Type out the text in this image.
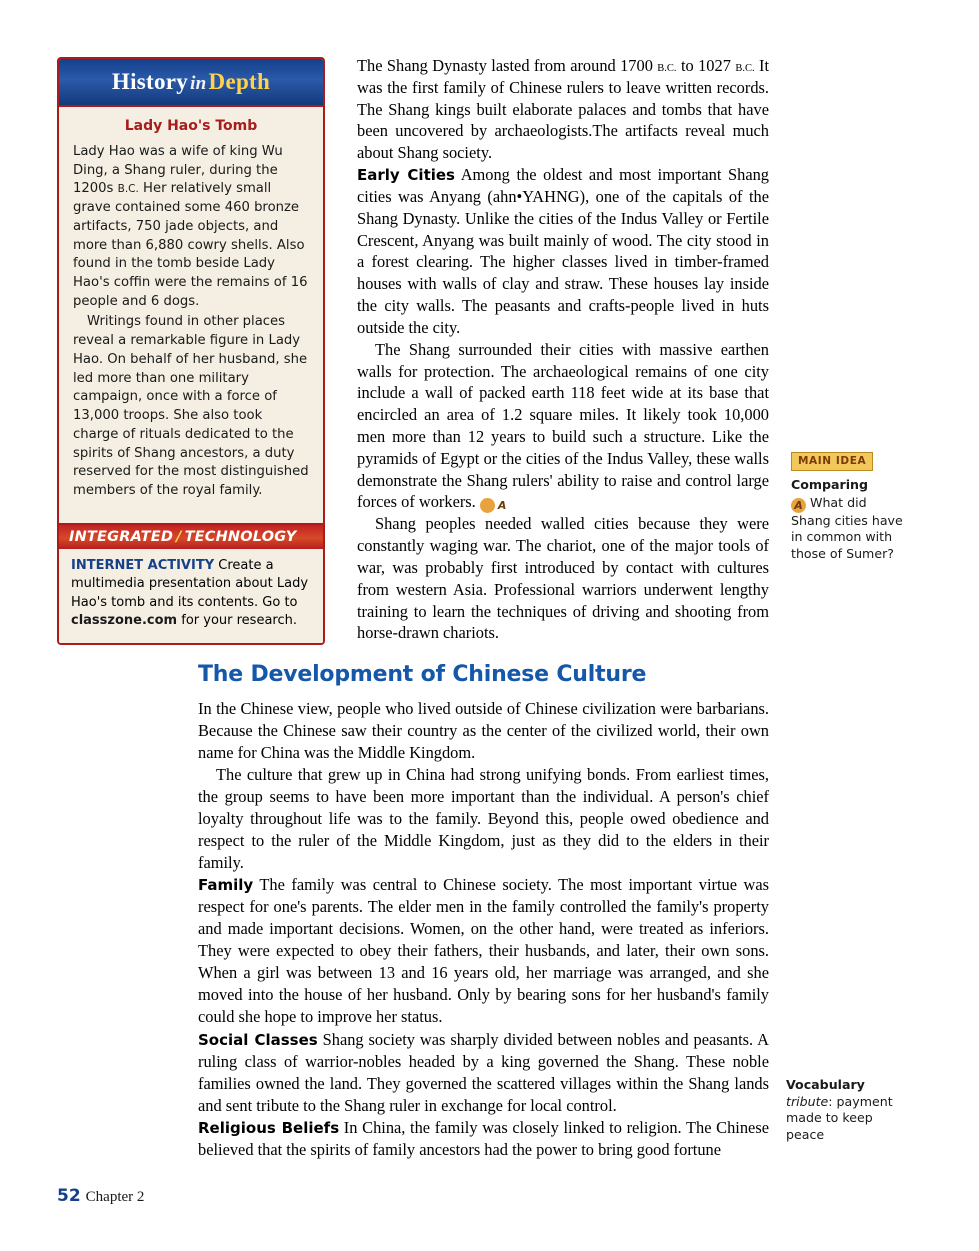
History inDepth
Lady Hao's Tomb

Lady Hao was a wife of king Wu Ding, a Shang ruler, during the 1200s B.C. Her relatively small grave contained some 460 bronze artifacts, 750 jade objects, and more than 6,880 cowry shells. Also found in the tomb beside Lady Hao's coffin were the remains of 16 people and 6 dogs.

Writings found in other places reveal a remarkable figure in Lady Hao. On behalf of her husband, she led more than one military campaign, once with a force of 13,000 troops. She also took charge of rituals dedicated to the spirits of Shang ancestors, a duty reserved for the most distinguished members of the royal family.

INTEGRATED / TECHNOLOGY
INTERNET ACTIVITY Create a multimedia presentation about Lady Hao's tomb and its contents. Go to classzone.com for your research.

The Shang Dynasty lasted from around 1700 B.C. to 1027 B.C. It was the first family of Chinese rulers to leave written records. The Shang kings built elaborate palaces and tombs that have been uncovered by archaeologists.The artifacts reveal much about Shang society.

Early Cities Among the oldest and most important Shang cities was Anyang (ahn•YAHNG), one of the capitals of the Shang Dynasty. Unlike the cities of the Indus Valley or Fertile Crescent, Anyang was built mainly of wood. The city stood in a forest clearing. The higher classes lived in timber-framed houses with walls of clay and straw. These houses lay inside the city walls. The peasants and crafts-people lived in huts outside the city.

The Shang surrounded their cities with massive earthen walls for protection. The archaeological remains of one city include a wall of packed earth 118 feet wide at its base that encircled an area of 1.2 square miles. It likely took 10,000 men more than 12 years to build such a structure. Like the pyramids of Egypt or the cities of the Indus Valley, these walls demonstrate the Shang rulers' ability to raise and control large forces of workers. A

Shang peoples needed walled cities because they were constantly waging war. The chariot, one of the major tools of war, was probably first introduced by contact with cultures from western Asia. Professional warriors underwent lengthy training to learn the techniques of driving and shooting from horse-drawn chariots.

MAIN IDEA
Comparing
A What did Shang cities have in common with those of Sumer?
The Development of Chinese Culture

In the Chinese view, people who lived outside of Chinese civilization were barbarians. Because the Chinese saw their country as the center of the civilized world, their own name for China was the Middle Kingdom.

The culture that grew up in China had strong unifying bonds. From earliest times, the group seems to have been more important than the individual. A person's chief loyalty throughout life was to the family. Beyond this, people owed obedience and respect to the ruler of the Middle Kingdom, just as they did to the elders in their family.

Family The family was central to Chinese society. The most important virtue was respect for one's parents. The elder men in the family controlled the family's property and made important decisions. Women, on the other hand, were treated as inferiors. They were expected to obey their fathers, their husbands, and later, their own sons. When a girl was between 13 and 16 years old, her marriage was arranged, and she moved into the house of her husband. Only by bearing sons for her husband's family could she hope to improve her status.

Social Classes Shang society was sharply divided between nobles and peasants. A ruling class of warrior-nobles headed by a king governed the Shang. These noble families owned the land. They governed the scattered villages within the Shang lands and sent tribute to the Shang ruler in exchange for local control.

Religious Beliefs In China, the family was closely linked to religion. The Chinese believed that the spirits of family ancestors had the power to bring good fortune

Vocabulary
tribute: payment made to keep peace
52 Chapter 2
